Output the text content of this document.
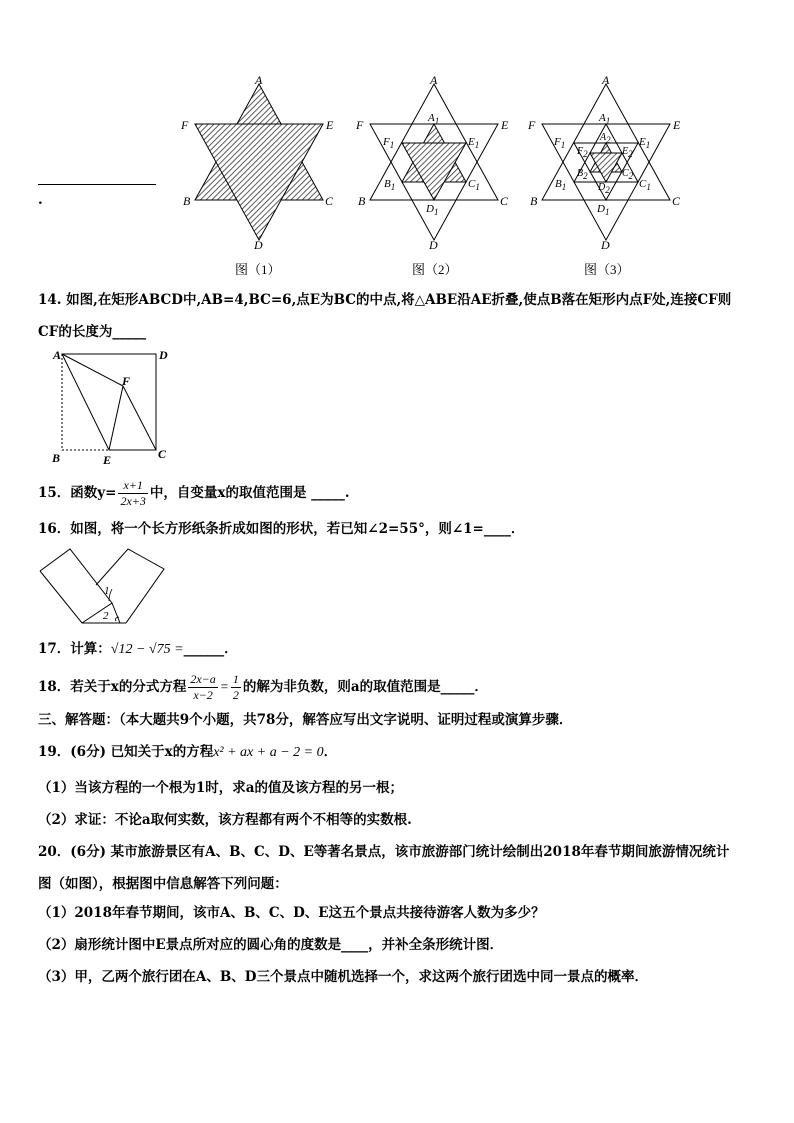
.
A
F	E
B	C
D
图（1）
A
F	E
B	C
D
$A_1$
$F_1$	$E_1$
$B_1$	$C_1$
$D_1$
图（2）
A
F	E
B	C
D
$A_1$
$F_1$	$E_1$
$B_1$	$C_1$
$D_1$
A2
F2	E2
B2	C2
D2
图（3）
14. 如图,在矩形ABCD中,AB=4,BC=6,点E为BC的中点,将△ABE沿AE折叠,使点B落在矩形内点F处,连接CF则
CF的长度为_____
A	D
F
B	E	C
15．函数$y= \frac{x+1}{2x+3}$ 中，自变量x的取值范围是 _____.
16．如图，将一个长方形纸条折成如图的形状，若已知∠2=55°，则∠1=____．
1
2
17．计算：√12 − √75 =______．
18．若关于x的分式方程 $\frac{2x-a}{x-2} = \frac{1}{2}$ 的解为非负数，则a的取值范围是_____．
三、解答题：（本大题共9个小题，共78分，解答应写出文字说明、证明过程或演算步骤．
19．(6分) 已知关于x的方程x² + ax + a − 2 = 0．
（1）当该方程的一个根为1时，求a的值及该方程的另一根；
（2）求证：不论a取何实数，该方程都有两个不相等的实数根.
20．(6分) 某市旅游景区有A、B、C、D、E等著名景点，该市旅游部门统计绘制出2018年春节期间旅游情况统计
图（如图），根据图中信息解答下列问题：
（1）2018年春节期间，该市A、B、C、D、E这五个景点共接待游客人数为多少？
（2）扇形统计图中E景点所对应的圆心角的度数是____，并补全条形统计图．
（3）甲，乙两个旅行团在A、B、D三个景点中随机选择一个，求这两个旅行团选中同一景点的概率．
